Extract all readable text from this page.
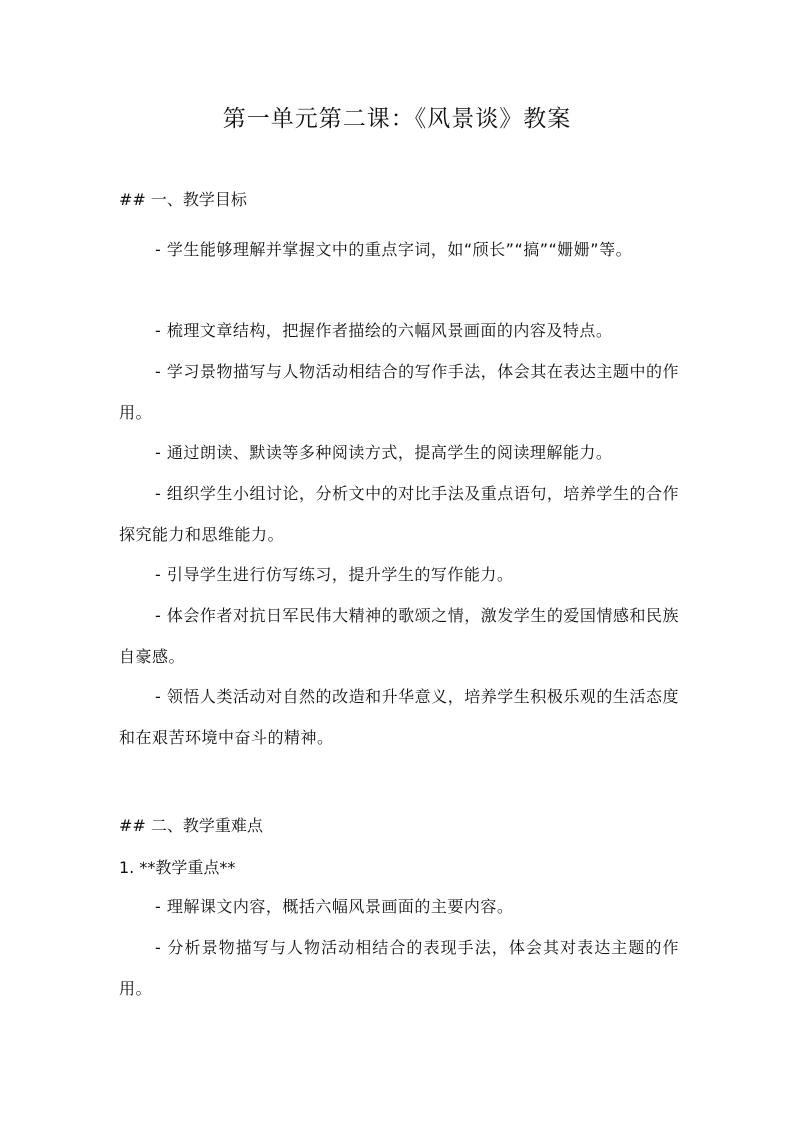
第一单元第二课：《风景谈》教案
## 一、教学目标
- 学生能够理解并掌握文中的重点字词，如“颀长”“搞”“姗姗”等。
- 梳理文章结构，把握作者描绘的六幅风景画面的内容及特点。
- 学习景物描写与人物活动相结合的写作手法，体会其在表达主题中的作用。
- 通过朗读、默读等多种阅读方式，提高学生的阅读理解能力。
- 组织学生小组讨论，分析文中的对比手法及重点语句，培养学生的合作探究能力和思维能力。
- 引导学生进行仿写练习，提升学生的写作能力。
- 体会作者对抗日军民伟大精神的歌颂之情，激发学生的爱国情感和民族自豪感。
- 领悟人类活动对自然的改造和升华意义，培养学生积极乐观的生活态度和在艰苦环境中奋斗的精神。
## 二、教学重难点
1. **教学重点**
- 理解课文内容，概括六幅风景画面的主要内容。
- 分析景物描写与人物活动相结合的表现手法，体会其对表达主题的作用。
